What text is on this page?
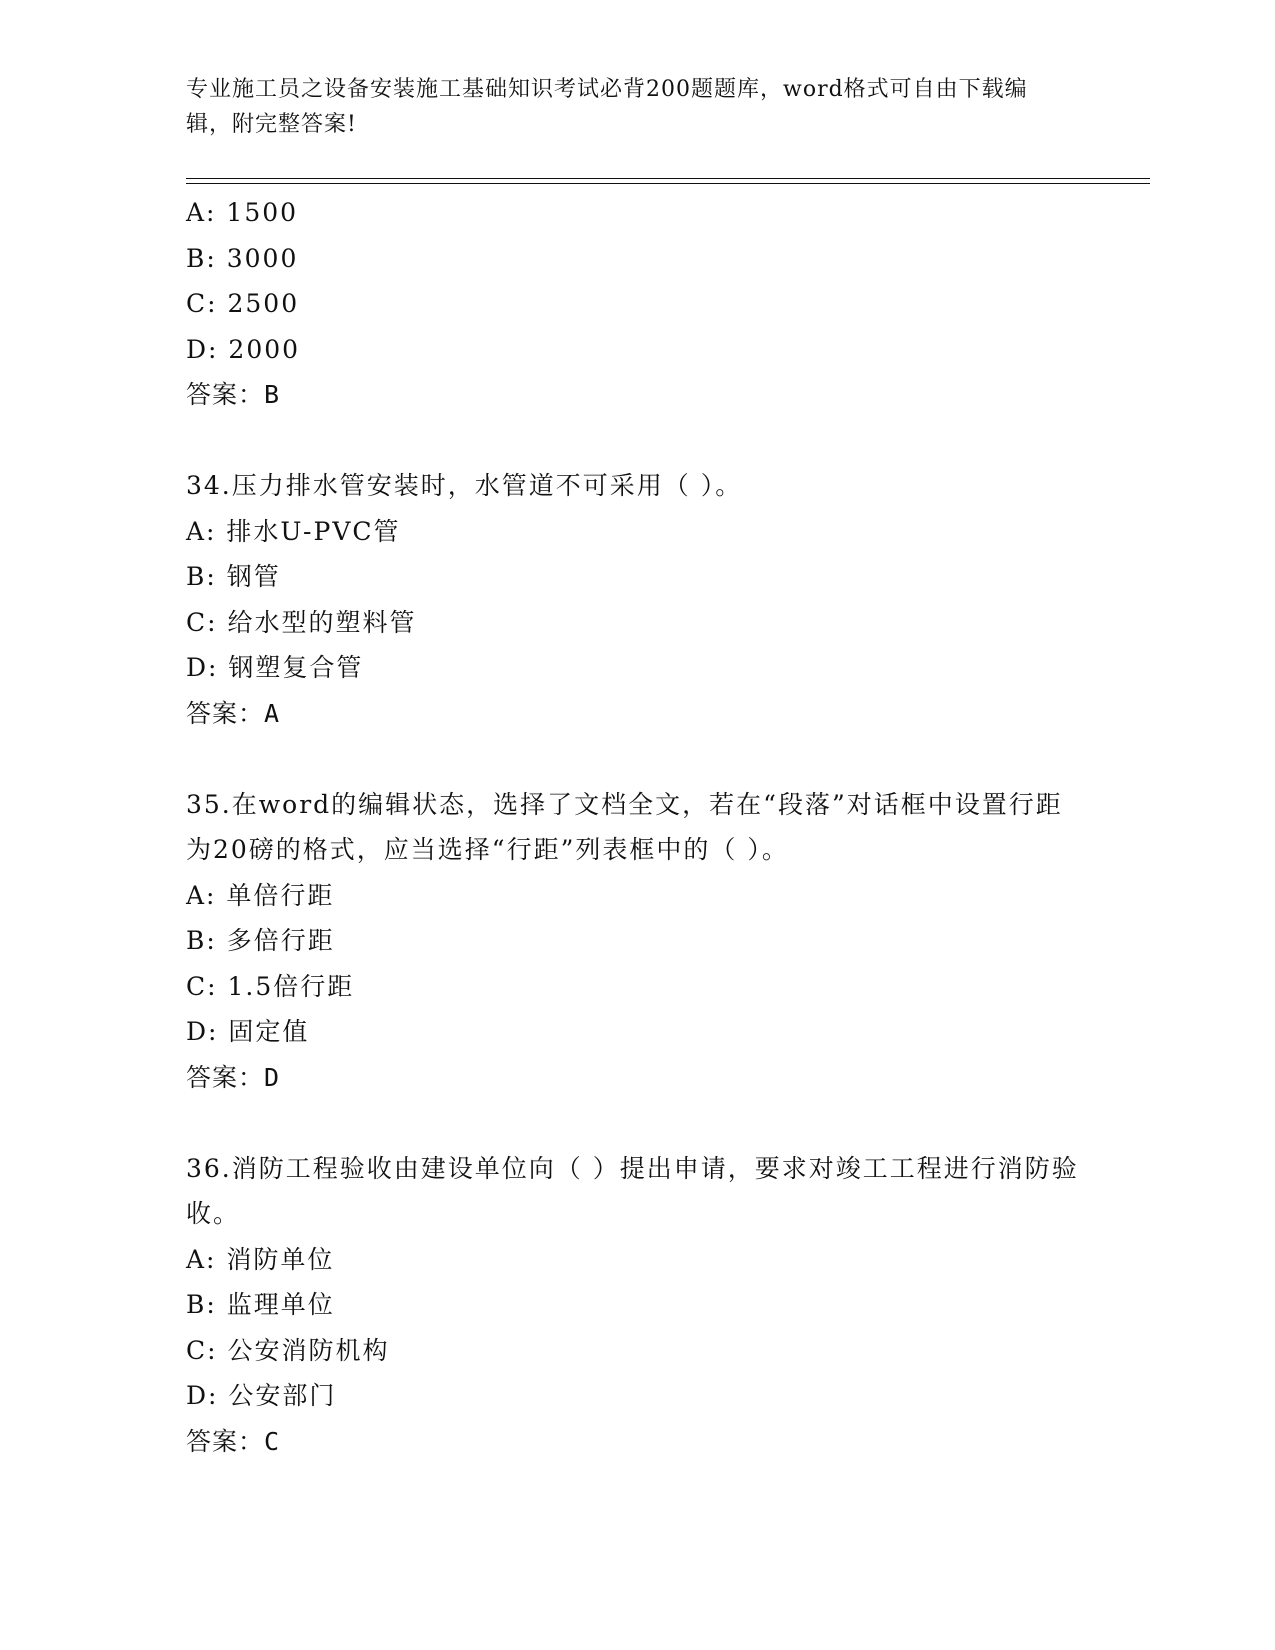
专业施工员之设备安装施工基础知识考试必背200题题库，word格式可自由下载编辑，附完整答案!
A: 1500
B: 3000
C: 2500
D: 2000
答案：B
34.压力排水管安装时，水管道不可采用（ ）。
A: 排水U-PVC管
B: 钢管
C: 给水型的塑料管
D: 钢塑复合管
答案：A
35.在word的编辑状态，选择了文档全文，若在“段落”对话框中设置行距为20磅的格式，应当选择“行距”列表框中的（ ）。
A: 单倍行距
B: 多倍行距
C: 1.5倍行距
D: 固定值
答案：D
36.消防工程验收由建设单位向（ ）提出申请，要求对竣工工程进行消防验收。
A: 消防单位
B: 监理单位
C: 公安消防机构
D: 公安部门
答案：C
